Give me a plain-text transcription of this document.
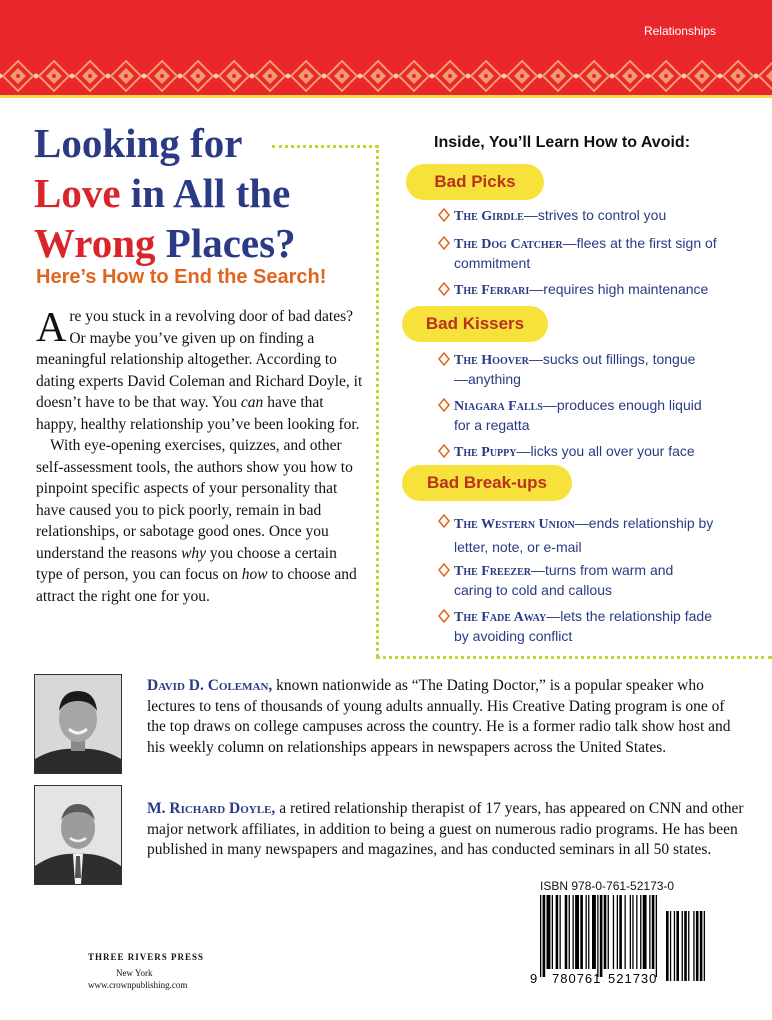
Relationships
Looking for
Love in All the
Wrong Places?
Here’s How to End the Search!

Are you stuck in a revolving door of bad dates? Or maybe you’ve given up on finding a meaningful relationship altogether. According to dating experts David Coleman and Richard Doyle, it doesn’t have to be that way. You can have that happy, healthy relationship you’ve been looking for.

With eye-opening exercises, quizzes, and other self-assessment tools, the authors show you how to pinpoint specific aspects of your personality that have caused you to pick poorly, remain in bad relationships, or sabotage good ones. Once you understand the reasons why you choose a certain type of person, you can focus on how to choose and attract the right one for you.

Inside, You’ll Learn How to Avoid:
Bad Picks
The Girdle—strives to control you
The Dog Catcher—flees at the first sign of commitment
The Ferrari—requires high maintenance
Bad Kissers
The Hoover—sucks out fillings, tongue—anything
Niagara Falls—produces enough liquid for a regatta
The Puppy—licks you all over your face
Bad Break-ups
The Western Union—ends relationship by letter, note, or e-mail
The Freezer—turns from warm and caring to cold and callous
The Fade Away—lets the relationship fade by avoiding conflict
David D. Coleman, known nationwide as “The Dating Doctor,” is a popular speaker who lectures to tens of thousands of young adults annually. His Creative Dating program is one of the top draws on college campuses across the country. He is a former radio talk show host and his weekly column on relationships appears in newspapers across the United States.
M. Richard Doyle, a retired relationship therapist of 17 years, has appeared on CNN and other major network affiliates, in addition to being a guest on numerous radio programs. He has been published in many newspapers and magazines, and has conducted seminars in all 50 states.
ISBN 978-0-761-52173-0
9 780761 521730
THREE RIVERS PRESS
New York
www.crownpublishing.com
